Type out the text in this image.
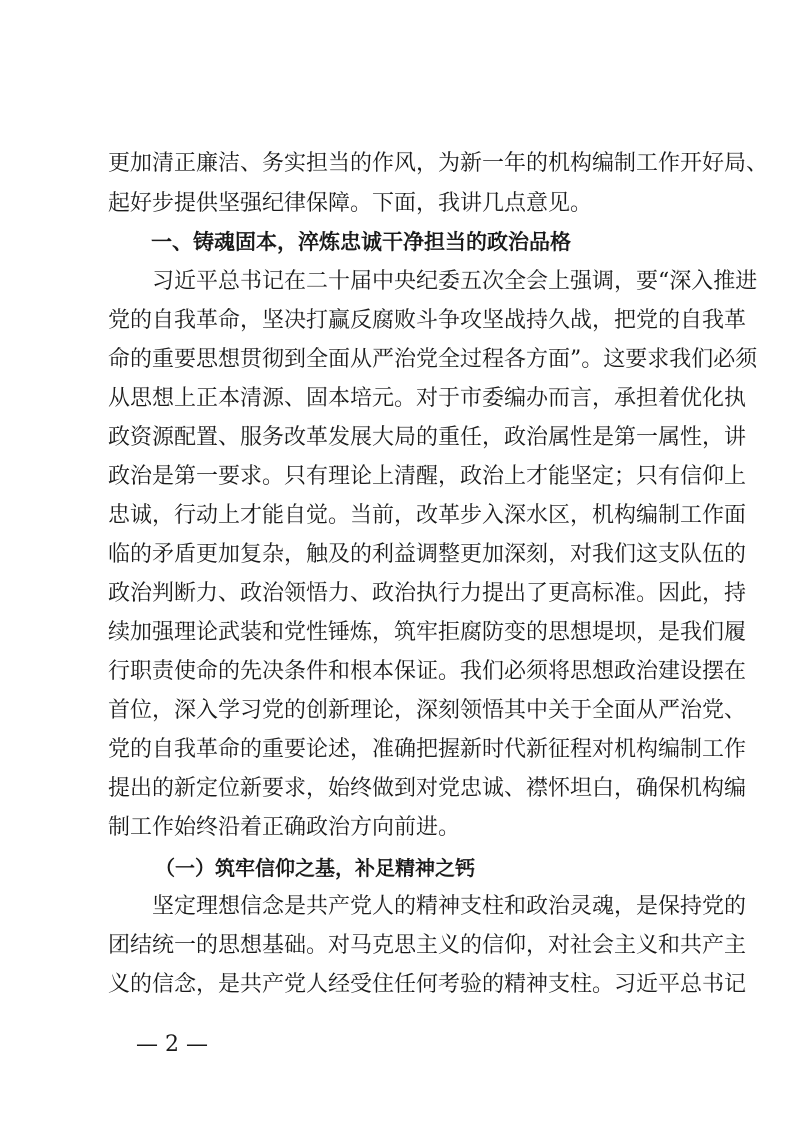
更加清正廉洁、务实担当的作风，为新一年的机构编制工作开好局、
起好步提供坚强纪律保障。下面，我讲几点意见。
一、铸魂固本，淬炼忠诚干净担当的政治品格
　　习近平总书记在二十届中央纪委五次全会上强调，要“深入推进
党的自我革命，坚决打赢反腐败斗争攻坚战持久战，把党的自我革
命的重要思想贯彻到全面从严治党全过程各方面”。这要求我们必须
从思想上正本清源、固本培元。对于市委编办而言，承担着优化执
政资源配置、服务改革发展大局的重任，政治属性是第一属性，讲
政治是第一要求。只有理论上清醒，政治上才能坚定；只有信仰上
忠诚，行动上才能自觉。当前，改革步入深水区，机构编制工作面
临的矛盾更加复杂，触及的利益调整更加深刻，对我们这支队伍的
政治判断力、政治领悟力、政治执行力提出了更高标准。因此，持
续加强理论武装和党性锤炼，筑牢拒腐防变的思想堤坝，是我们履
行职责使命的先决条件和根本保证。我们必须将思想政治建设摆在
首位，深入学习党的创新理论，深刻领悟其中关于全面从严治党、
党的自我革命的重要论述，准确把握新时代新征程对机构编制工作
提出的新定位新要求，始终做到对党忠诚、襟怀坦白，确保机构编
制工作始终沿着正确政治方向前进。
（一）筑牢信仰之基，补足精神之钙
　　坚定理想信念是共产党人的精神支柱和政治灵魂，是保持党的
团结统一的思想基础。对马克思主义的信仰，对社会主义和共产主
义的信念，是共产党人经受住任何考验的精神支柱。习近平总书记
— 2 —
